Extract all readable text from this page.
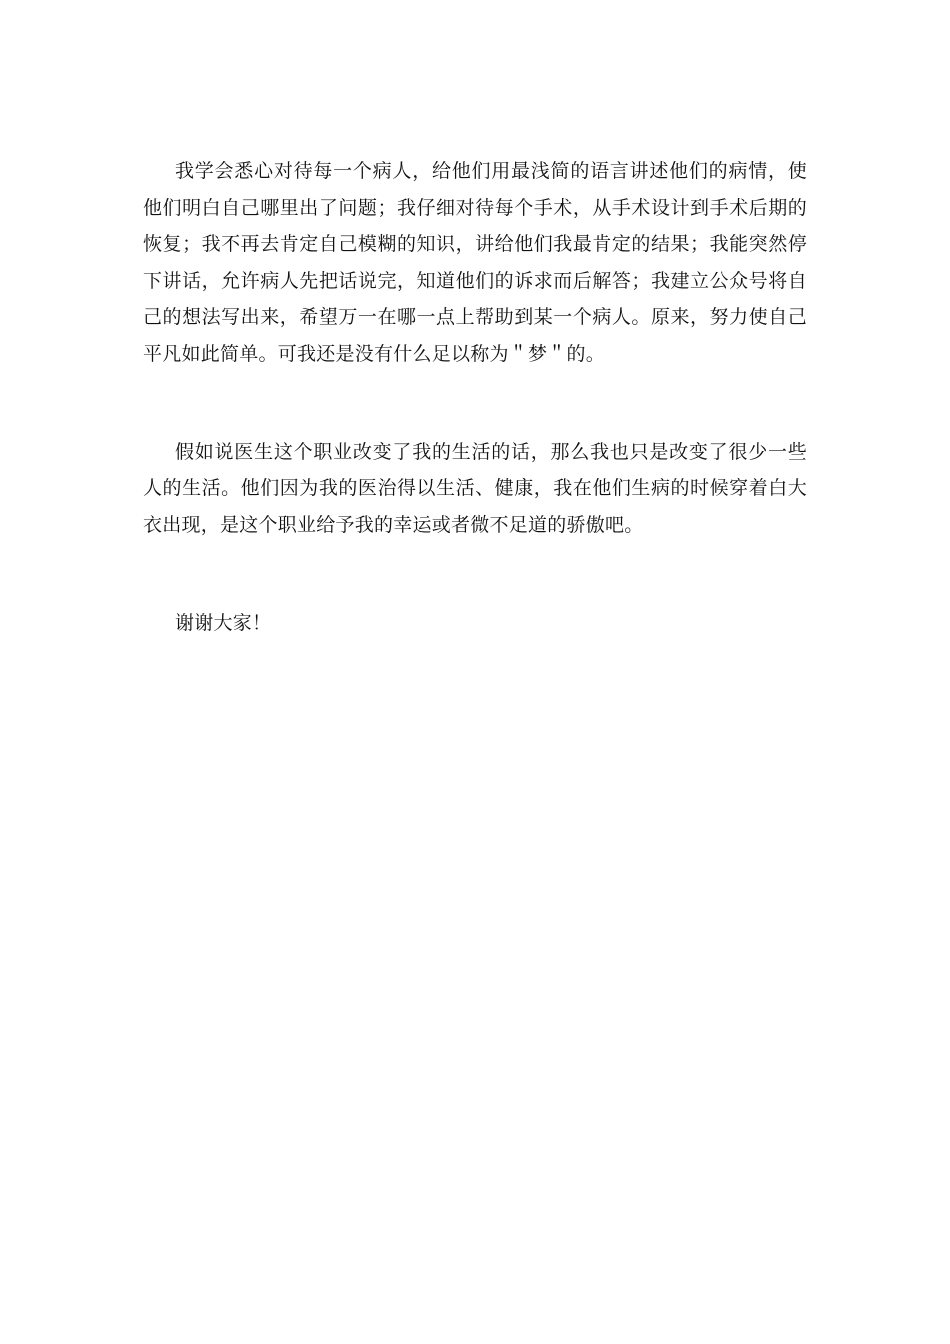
我学会悉心对待每一个病人，给他们用最浅简的语言讲述他们的病情，使他们明白自己哪里出了问题；我仔细对待每个手术，从手术设计到手术后期的恢复；我不再去肯定自己模糊的知识，讲给他们我最肯定的结果；我能突然停下讲话，允许病人先把话说完，知道他们的诉求而后解答；我建立公众号将自己的想法写出来，希望万一在哪一点上帮助到某一个病人。原来，努力使自己平凡如此简单。可我还是没有什么足以称为＂梦＂的。

假如说医生这个职业改变了我的生活的话，那么我也只是改变了很少一些人的生活。他们因为我的医治得以生活、健康，我在他们生病的时候穿着白大衣出现，是这个职业给予我的幸运或者微不足道的骄傲吧。

谢谢大家！
